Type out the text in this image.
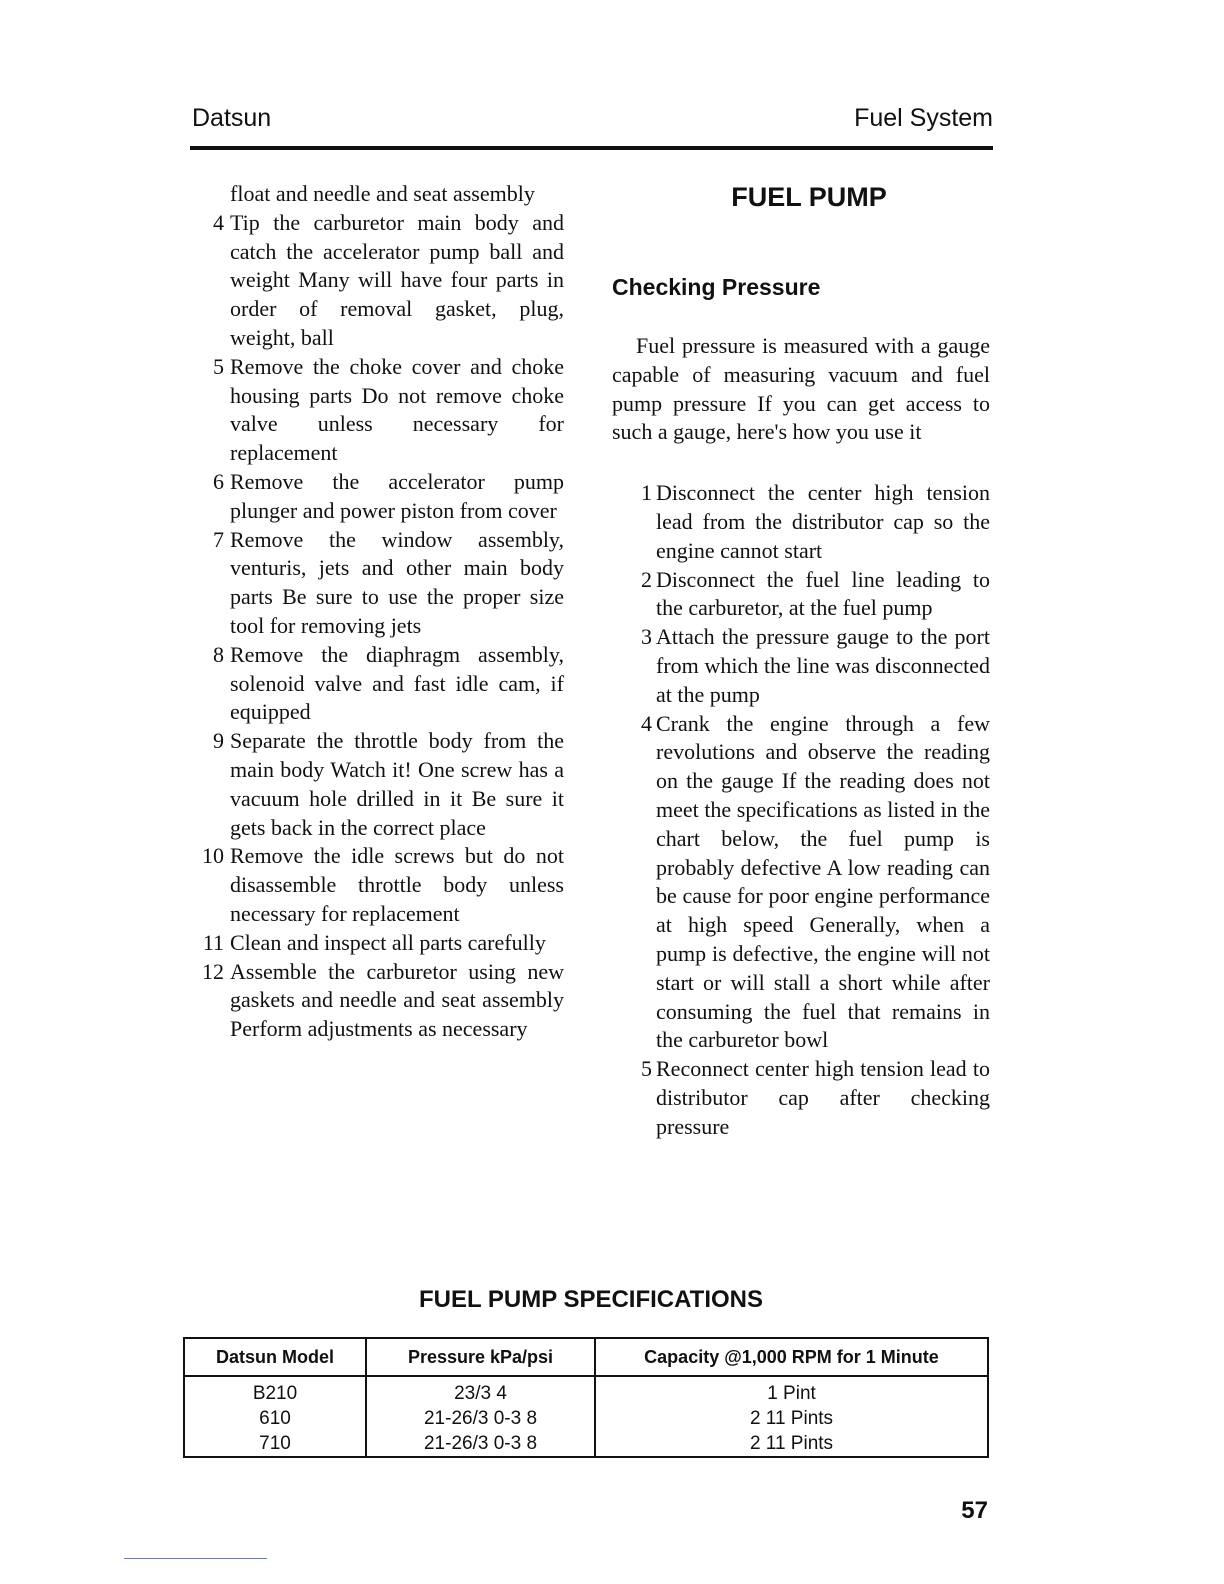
Datsun	Fuel System
float and needle and seat assembly
4 Tip the carburetor main body and catch the accelerator pump ball and weight Many will have four parts in order of removal gasket, plug, weight, ball
5 Remove the choke cover and choke housing parts Do not remove choke valve unless necessary for replacement
6 Remove the accelerator pump plunger and power piston from cover
7 Remove the window assembly, venturis, jets and other main body parts Be sure to use the proper size tool for removing jets
8 Remove the diaphragm assembly, solenoid valve and fast idle cam, if equipped
9 Separate the throttle body from the main body Watch it! One screw has a vacuum hole drilled in it Be sure it gets back in the correct place
10 Remove the idle screws but do not disassemble throttle body unless necessary for replacement
11 Clean and inspect all parts carefully
12 Assemble the carburetor using new gaskets and needle and seat assembly Perform adjustments as necessary
FUEL PUMP
Checking Pressure

Fuel pressure is measured with a gauge capable of measuring vacuum and fuel pump pressure If you can get access to such a gauge, here's how you use it

1 Disconnect the center high tension lead from the distributor cap so the engine cannot start
2 Disconnect the fuel line leading to the carburetor, at the fuel pump
3 Attach the pressure gauge to the port from which the line was disconnected at the pump
4 Crank the engine through a few revolutions and observe the reading on the gauge If the reading does not meet the specifications as listed in the chart below, the fuel pump is probably defective A low reading can be cause for poor engine performance at high speed Generally, when a pump is defective, the engine will not start or will stall a short while after consuming the fuel that remains in the carburetor bowl
5 Reconnect center high tension lead to distributor cap after checking pressure
FUEL PUMP SPECIFICATIONS
Datsun Model	Pressure kPa/psi	Capacity @1,000 RPM for 1 Minute
B210	23/3 4	1 Pint
610	21-26/3 0-3 8	2 11 Pints
710	21-26/3 0-3 8	2 11 Pints
57
